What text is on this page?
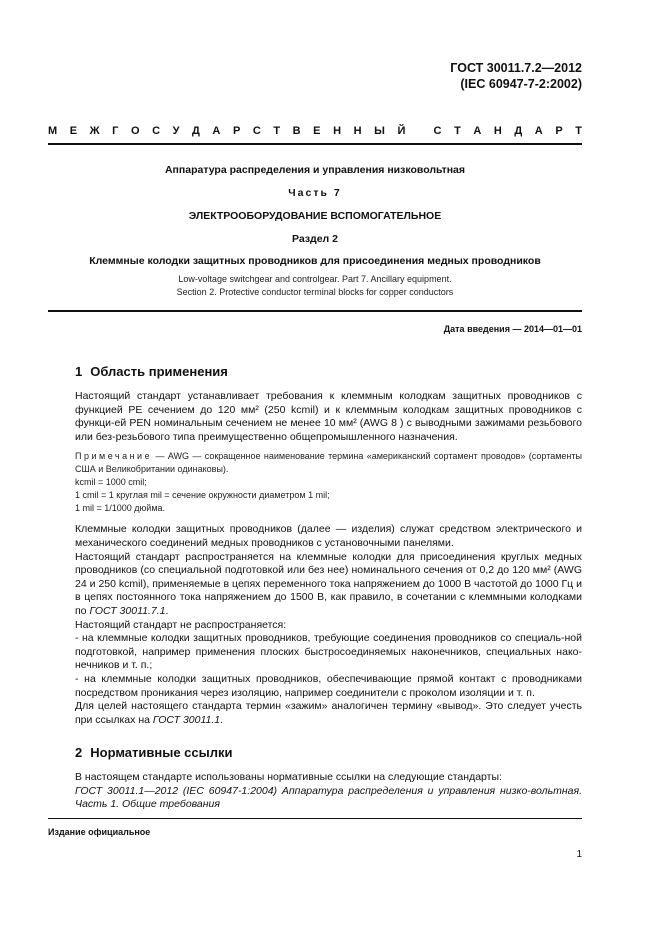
ГОСТ 30011.7.2—2012
(IEC 60947-7-2:2002)
М Е Ж Г О С У Д А Р С Т В Е Н Н Ы Й
	С Т А Н Д А Р Т
Аппаратура распределения и управления низковольтная
Часть 7
ЭЛЕКТРООБОРУДОВАНИЕ ВСПОМОГАТЕЛЬНОЕ
Раздел 2
Клеммные колодки защитных проводников для присоединения медных проводников
Low-voltage switchgear and controlgear. Part 7. Ancillary equipment.
Section 2. Protective conductor terminal blocks for copper conductors
Дата введения — 2014—01—01
1 Область применения

Настоящий стандарт устанавливает требования к клеммным колодкам защитных проводников с функцией PE сечением до 120 мм² (250 kcmil) и к клеммным колодкам защитных проводников с функци-ей PEN номинальным сечением не менее 10 мм² (AWG 8 ) с выводными зажимами резьбового или без-резьбового типа преимущественно общепромышленного назначения.

Примечание — AWG — сокращенное наименование термина «американский сортамент проводов» (сортаменты США и Великобритании одинаковы).
kcmil = 1000 cmil;
1 cmil = 1 круглая mil = сечение окружности диаметром 1 mil;
1 mil = 1/1000 дюйма.

Клеммные колодки защитных проводников (далее — изделия) служат средством электрического и механического соединений медных проводников с установочными панелями.

Настоящий стандарт распространяется на клеммные колодки для присоединения круглых медных проводников (со специальной подготовкой или без нее) номинального сечения от 0,2 до 120 мм² (AWG 24 и 250 kcmil), применяемые в цепях переменного тока напряжением до 1000 В частотой до 1000 Гц и в цепях постоянного тока напряжением до 1500 В, как правило, в сочетании с клеммными колодками по ГОСТ 30011.7.1.

Настоящий стандарт не распространяется:

- на клеммные колодки защитных проводников, требующие соединения проводников со специаль-ной подготовкой, например применения плоских быстросоединяемых наконечников, специальных нако-нечников и т. п.;

- на клеммные колодки защитных проводников, обеспечивающие прямой контакт с проводниками посредством проникания через изоляцию, например соединители с проколом изоляции и т. п.

Для целей настоящего стандарта термин «зажим» аналогичен термину «вывод». Это следует учесть при ссылках на ГОСТ 30011.1.

2 Нормативные ссылки

В настоящем стандарте использованы нормативные ссылки на следующие стандарты:

ГОСТ 30011.1—2012 (IEC 60947-1:2004) Аппаратура распределения и управления низко-вольтная. Часть 1. Общие требования

Издание официальное
1
